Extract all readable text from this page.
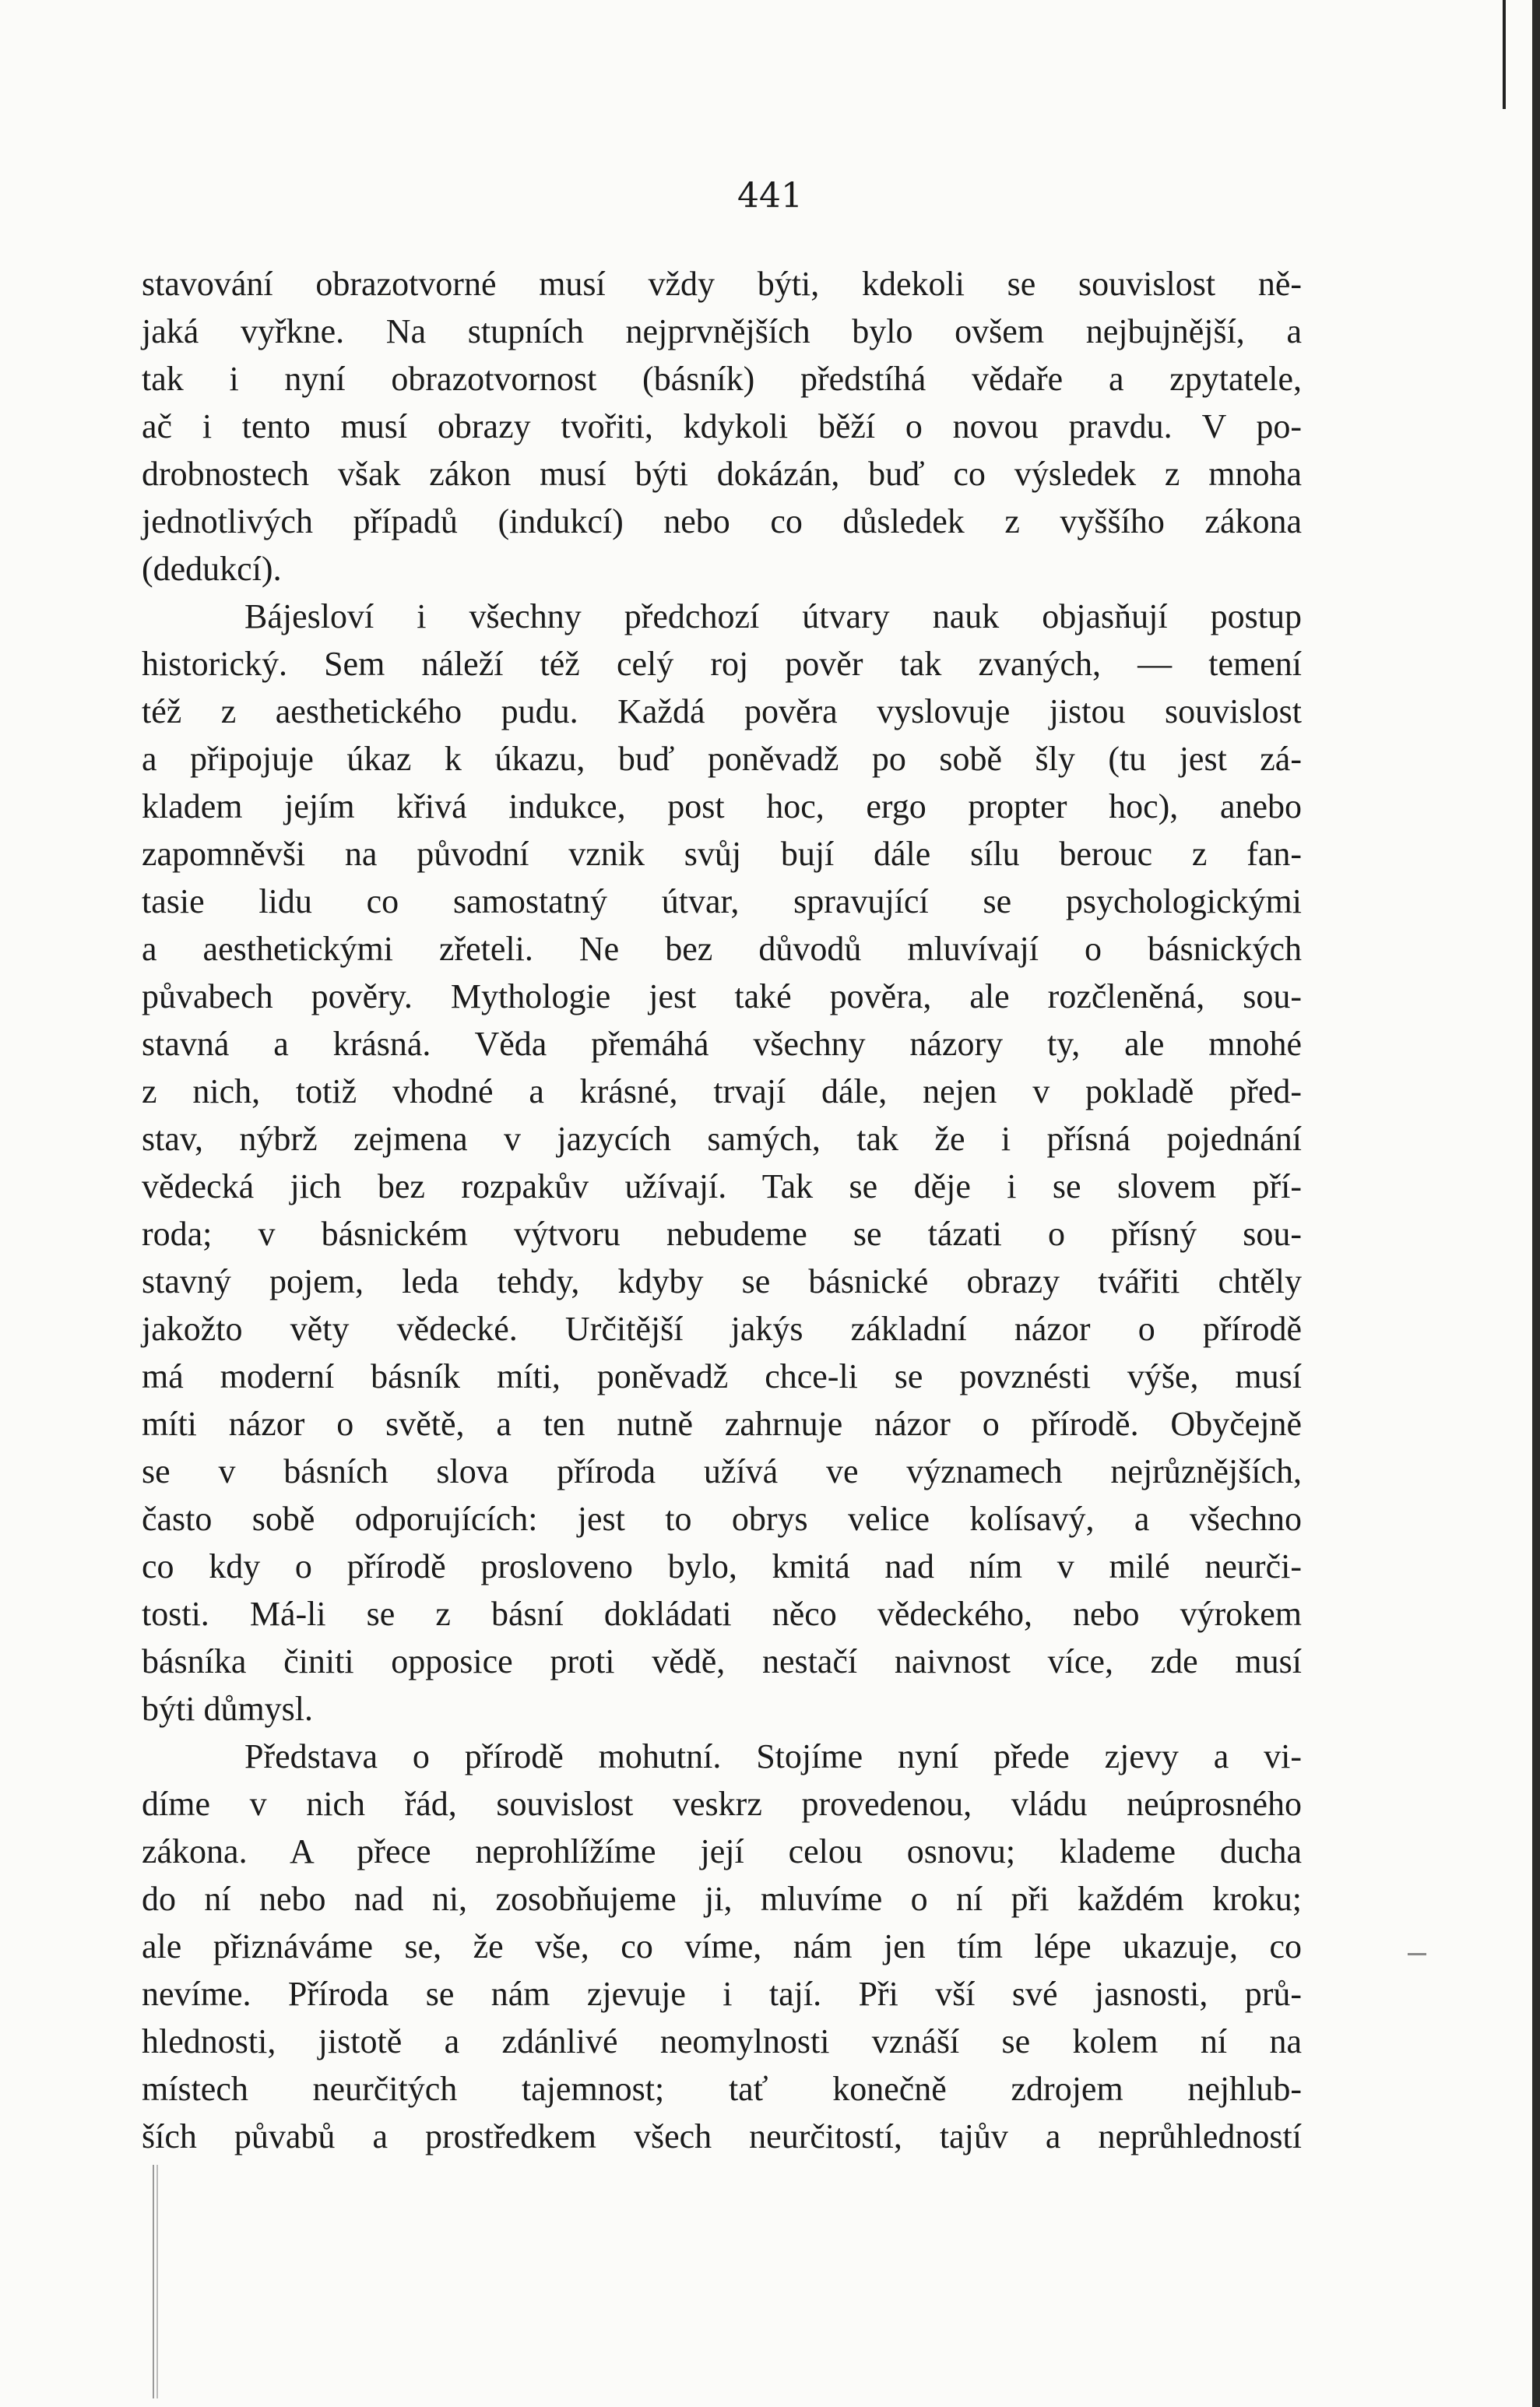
441
stavování obrazotvorné musí vždy býti, kdekoli se souvislost ně-
jaká vyřkne. Na stupních nejprvnějších bylo ovšem nejbujnější, a
tak i nyní obrazotvornost (básník) předstíhá vědaře a zpytatele,
ač i tento musí obrazy tvořiti, kdykoli běží o novou pravdu. V po-
drobnostech však zákon musí býti dokázán, buď co výsledek z mnoha
jednotlivých případů (indukcí) nebo co důsledek z vyššího zákona
(dedukcí).
Bájesloví i všechny předchozí útvary nauk objasňují postup
historický. Sem náleží též celý roj pověr tak zvaných, — temení
též z aesthetického pudu. Každá pověra vyslovuje jistou souvislost
a připojuje úkaz k úkazu, buď poněvadž po sobě šly (tu jest zá-
kladem jejím křivá indukce, post hoc, ergo propter hoc), anebo
zapomněvši na původní vznik svůj bují dále sílu berouc z fan-
tasie lidu co samostatný útvar, spravující se psychologickými
a aesthetickými zřeteli. Ne bez důvodů mluvívají o básnických
půvabech pověry. Mythologie jest také pověra, ale rozčleněná, sou-
stavná a krásná. Věda přemáhá všechny názory ty, ale mnohé
z nich, totiž vhodné a krásné, trvají dále, nejen v pokladě před-
stav, nýbrž zejmena v jazycích samých, tak že i přísná pojednání
vědecká jich bez rozpakův užívají. Tak se děje i se slovem pří-
roda; v básnickém výtvoru nebudeme se tázati o přísný sou-
stavný pojem, leda tehdy, kdyby se básnické obrazy tvářiti chtěly
jakožto věty vědecké. Určitější jakýs základní názor o přírodě
má moderní básník míti, poněvadž chce-li se povznésti výše, musí
míti názor o světě, a ten nutně zahrnuje názor o přírodě. Obyčejně
se v básních slova příroda užívá ve významech nejrůznějších,
často sobě odporujících: jest to obrys velice kolísavý, a všechno
co kdy o přírodě prosloveno bylo, kmitá nad ním v milé neurči-
tosti. Má-li se z básní dokládati něco vědeckého, nebo výrokem
básníka činiti opposice proti vědě, nestačí naivnost více, zde musí
býti důmysl.
Představa o přírodě mohutní. Stojíme nyní přede zjevy a vi-
díme v nich řád, souvislost veskrz provedenou, vládu neúprosného
zákona. A přece neprohlížíme její celou osnovu; klademe ducha
do ní nebo nad ni, zosobňujeme ji, mluvíme o ní při každém kroku;
ale přiznáváme se, že vše, co víme, nám jen tím lépe ukazuje, co
nevíme. Příroda se nám zjevuje i tají. Při vší své jasnosti, prů-
hlednosti, jistotě a zdánlivé neomylnosti vznáší se kolem ní na
místech neurčitých tajemnost; tať konečně zdrojem nejhlub-
ších půvabů a prostředkem všech neurčitostí, tajův a neprůhledností
